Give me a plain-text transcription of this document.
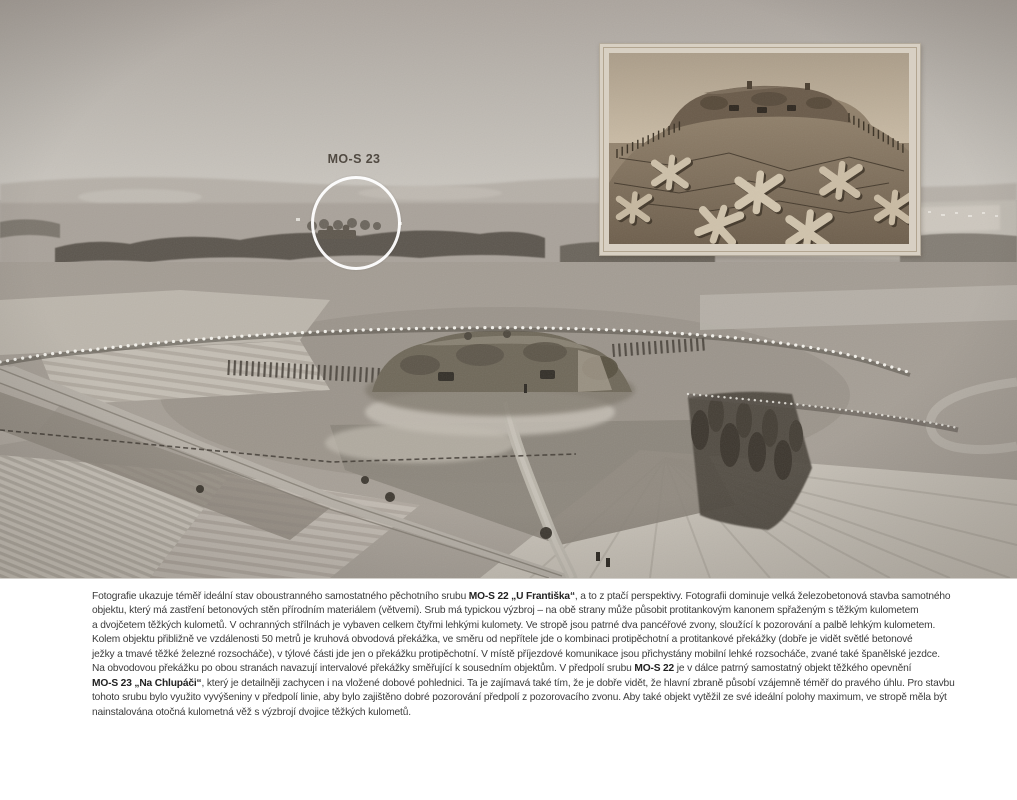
MO-S 23
Fotografie ukazuje téměř ideální stav oboustranného samostatného pěchotního srubu MO-S 22 „U Františka“, a to z ptačí perspektivy. Fotografii dominuje velká železobetonová stavba samotného
objektu, který má zastření betonových stěn přírodním materiálem (větvemi). Srub má typickou výzbroj – na obě strany může působit protitankovým kanonem spřaženým s těžkým kulometem
a dvojčetem těžkých kulometů. V ochranných střílnách je vybaven celkem čtyřmi lehkými kulomety. Ve stropě jsou patrné dva pancéřové zvony, sloužící k pozorování a palbě lehkým kulometem.
Kolem objektu přibližně ve vzdálenosti 50 metrů je kruhová obvodová překážka, ve směru od nepřítele jde o kombinaci protipěchotní a protitankové překážky (dobře je vidět světlé betonové
ježky a tmavé těžké železné rozsocháče), v týlové části jde jen o překážku protipěchotní. V místě příjezdové komunikace jsou přichystány mobilní lehké rozsocháče, zvané také španělské jezdce.
Na obvodovou překážku po obou stranách navazují intervalové překážky směřující k sousedním objektům. V předpolí srubu MO-S 22 je v dálce patrný samostatný objekt těžkého opevnění
MO-S 23 „Na Chlupáči“, který je detailněji zachycen i na vložené dobové pohlednici. Ta je zajímavá také tím, že je dobře vidět, že hlavní zbraně působí vzájemně téměř do pravého úhlu. Pro stavbu
tohoto srubu bylo využito vyvýšeniny v předpolí linie, aby bylo zajištěno dobré pozorování předpolí z pozorovacího zvonu. Aby také objekt vytěžil ze své ideální polohy maximum, ve stropě měla být
nainstalována otočná kulometná věž s výzbrojí dvojice těžkých kulometů.
